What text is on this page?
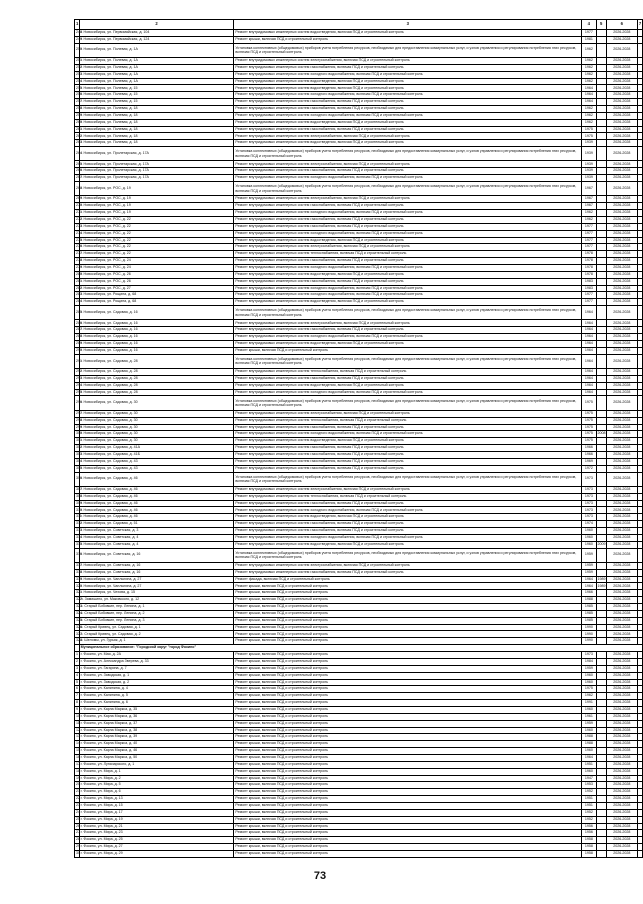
1	2	3	4	5	6	7
248	г. Новосибирск, ул. Первомайская, д. 104	Ремонт внутридомовых инженерных систем водоотведения, включая ПСД и строительный контроль	1977		2026-2028	
249	г. Новосибирск, ул. Первомайская, д. 124	Ремонт крыши, включая ПСД и строительный контроль	1981		2026-2028	
250	г. Новосибирск, ул. Полевая, д. 1А	Установка коллективных (общедомовых) приборов учета потребления ресурсов, необходимых для предоставления коммунальных услуг, и узлов управления и регулирования потребления этих ресурсов, включая ПСД и строительный контроль	1962		2026-2028	
251	г. Новосибирск, ул. Полевая, д. 1А	Ремонт внутридомовых инженерных систем электроснабжения, включая ПСД и строительный контроль	1962		2026-2028	
252	г. Новосибирск, ул. Полевая, д. 1А	Ремонт внутридомовых инженерных систем газоснабжения, включая ПСД и строительный контроль	1962		2026-2028	
253	г. Новосибирск, ул. Полевая, д. 1А	Ремонт внутридомовых инженерных систем холодного водоснабжения, включая ПСД и строительный контроль	1962		2026-2028	
254	г. Новосибирск, ул. Полевая, д. 1А	Ремонт внутридомовых инженерных систем водоотведения, включая ПСД и строительный контроль	1962		2026-2028	
255	г. Новосибирск, ул. Полевая, д. 15	Ремонт внутридомовых инженерных систем водоотведения, включая ПСД и строительный контроль	1964		2026-2028	
256	г. Новосибирск, ул. Полевая, д. 15	Ремонт внутридомовых инженерных систем холодного водоснабжения, включая ПСД и строительный контроль	1964		2026-2028	
257	г. Новосибирск, ул. Полевая, д. 15	Ремонт внутридомовых инженерных систем газоснабжения, включая ПСД и строительный контроль	1964		2026-2028	
258	г. Новосибирск, ул. Полевая, д. 18	Ремонт внутридомовых инженерных систем газоснабжения, включая ПСД и строительный контроль	1962		2026-2028	
259	г. Новосибирск, ул. Полевая, д. 18	Ремонт внутридомовых инженерных систем холодного водоснабжения, включая ПСД и строительный контроль	1962		2026-2028	
260	г. Новосибирск, ул. Полевая, д. 18	Ремонт внутридомовых инженерных систем водоотведения, включая ПСД и строительный контроль	1962		2026-2028	
261	г. Новосибирск, ул. Полевая, д. 18	Ремонт внутридомовых инженерных систем газоснабжения, включая ПСД и строительный контроль	1975		2026-2028	
262	г. Новосибирск, ул. Полевая, д. 18	Ремонт внутридомовых инженерных систем электроснабжения, включая ПСД и строительный контроль	1975		2026-2028	
263	г. Новосибирск, ул. Полевая, д. 18	Ремонт внутридомовых инженерных систем водоотведения, включая ПСД и строительный контроль	1939		2026-2028	
264	г. Новосибирск, ул. Пролетарская, д. 17А	Установка коллективных (общедомовых) приборов учета потребления ресурсов, необходимых для предоставления коммунальных услуг, и узлов управления и регулирования потребления этих ресурсов, включая ПСД и строительный контроль	1939		2026-2028	
265	г. Новосибирск, ул. Пролетарская, д. 17А	Ремонт внутридомовых инженерных систем электроснабжения, включая ПСД и строительный контроль	1939		2026-2028	
266	г. Новосибирск, ул. Пролетарская, д. 17А	Ремонт внутридомовых инженерных систем газоснабжения, включая ПСД и строительный контроль	1939		2026-2028	
267	г. Новосибирск, ул. Пролетарская, д. 17А	Ремонт внутридомовых инженерных систем холодного водоснабжения, включая ПСД и строительный контроль	1939		2026-2028	
268	г. Новосибирск, ул. РОС, д. 19	Установка коллективных (общедомовых) приборов учета потребления ресурсов, необходимых для предоставления коммунальных услуг, и узлов управления и регулирования потребления этих ресурсов, включая ПСД и строительный контроль	1967		2026-2028	
269	г. Новосибирск, ул. РОС, д. 19	Ремонт внутридомовых инженерных систем электроснабжения, включая ПСД и строительный контроль	1967		2026-2028	
270	г. Новосибирск, ул. РОС, д. 19	Ремонт внутридомовых инженерных систем газоснабжения, включая ПСД и строительный контроль	1967		2026-2028	
271	г. Новосибирск, ул. РОС, д. 19	Ремонт внутридомовых инженерных систем холодного водоснабжения, включая ПСД и строительный контроль	1962		2026-2028	
272	г. Новосибирск, ул. РОС, д. 22	Ремонт внутридомовых инженерных систем газоснабжения, включая ПСД и строительный контроль	1962		2026-2028	
273	г. Новосибирск, ул. РОС, д. 22	Ремонт внутридомовых инженерных систем газоснабжения, включая ПСД и строительный контроль	1977		2026-2028	
274	г. Новосибирск, ул. РОС, д. 22	Ремонт внутридомовых инженерных систем холодного водоснабжения, включая ПСД и строительный контроль	1977		2026-2028	
275	г. Новосибирск, ул. РОС, д. 22	Ремонт внутридомовых инженерных систем водоотведения, включая ПСД и строительный контроль	1977		2026-2028	
276	г. Новосибирск, ул. РОС, д. 22	Ремонт внутридомовых инженерных систем электроснабжения, включая ПСД и строительный контроль	1977		2026-2028	
277	г. Новосибирск, ул. РОС, д. 22	Ремонт внутридомовых инженерных систем теплоснабжения, включая ПСД и строительный контроль	1978		2026-2028	
278	г. Новосибирск, ул. РОС, д. 24	Ремонт внутридомовых инженерных систем газоснабжения, включая ПСД и строительный контроль	1978		2026-2028	
279	г. Новосибирск, ул. РОС, д. 24	Ремонт внутридомовых инженерных систем холодного водоснабжения, включая ПСД и строительный контроль	1978		2026-2028	
280	г. Новосибирск, ул. РОС, д. 26	Ремонт внутридомовых инженерных систем водоотведения, включая ПСД и строительный контроль	1978		2026-2028	
281	г. Новосибирск, ул. РОС, д. 26	Ремонт внутридомовых инженерных систем газоснабжения, включая ПСД и строительный контроль	1983		2026-2028	
282	г. Новосибирск, ул. РОС, д. 27	Ремонт внутридомовых инженерных систем холодного водоснабжения, включая ПСД и строительный контроль	1983		2026-2028	
283	г. Новосибирск, ул. Рощина, д. 68	Ремонт внутридомовых инженерных систем холодного водоснабжения, включая ПСД и строительный контроль	1977		2026-2028	
284	г. Новосибирск, ул. Рощина, д. 68	Ремонт внутридомовых инженерных систем водоотведения, включая ПСД и строительный контроль	1977		2026-2028	
285	г. Новосибирск, ул. Садовая, д. 16	Установка коллективных (общедомовых) приборов учета потребления ресурсов, необходимых для предоставления коммунальных услуг, и узлов управления и регулирования потребления этих ресурсов, включая ПСД и строительный контроль	1964		2026-2028	
286	г. Новосибирск, ул. Садовая, д. 16	Ремонт внутридомовых инженерных систем электроснабжения, включая ПСД и строительный контроль	1964		2026-2028	
287	г. Новосибирск, ул. Садовая, д. 16	Ремонт внутридомовых инженерных систем газоснабжения, включая ПСД и строительный контроль	1964		2026-2028	
288	г. Новосибирск, ул. Садовая, д. 16	Ремонт внутридомовых инженерных систем холодного водоснабжения, включая ПСД и строительный контроль	1964		2026-2028	
289	г. Новосибирск, ул. Садовая, д. 16	Ремонт внутридомовых инженерных систем водоотведения, включая ПСД и строительный контроль	1964		2026-2028	
290	г. Новосибирск, ул. Садовая, д. 16	Ремонт крыши, включая ПСД и строительный контроль	1964		2026-2028	
291	г. Новосибирск, ул. Садовая, д. 28	Установка коллективных (общедомовых) приборов учета потребления ресурсов, необходимых для предоставления коммунальных услуг, и узлов управления и регулирования потребления этих ресурсов, включая ПСД и строительный контроль	1964		2026-2028	
292	г. Новосибирск, ул. Садовая, д. 28	Ремонт внутридомовых инженерных систем теплоснабжения, включая ПСД и строительный контроль	1964		2026-2028	
293	г. Новосибирск, ул. Садовая, д. 28	Ремонт внутридомовых инженерных систем газоснабжения, включая ПСД и строительный контроль	1964		2026-2028	
294	г. Новосибирск, ул. Садовая, д. 28	Ремонт внутридомовых инженерных систем водоотведения, включая ПСД и строительный контроль	1964		2026-2028	
295	г. Новосибирск, ул. Садовая, д. 28	Ремонт внутридомовых инженерных систем холодного водоснабжения, включая ПСД и строительный контроль	1964		2026-2028	
296	г. Новосибирск, ул. Садовая, д. 30	Установка коллективных (общедомовых) приборов учета потребления ресурсов, необходимых для предоставления коммунальных услуг, и узлов управления и регулирования потребления этих ресурсов, включая ПСД и строительный контроль	1975		2026-2028	
297	г. Новосибирск, ул. Садовая, д. 30	Ремонт внутридомовых инженерных систем электроснабжения, включая ПСД и строительный контроль	1975		2026-2028	
298	г. Новосибирск, ул. Садовая, д. 30	Ремонт внутридомовых инженерных систем теплоснабжения, включая ПСД и строительный контроль	1975		2026-2028	
299	г. Новосибирск, ул. Садовая, д. 30	Ремонт внутридомовых инженерных систем газоснабжения, включая ПСД и строительный контроль	1975		2026-2028	
300	г. Новосибирск, ул. Садовая, д. 30	Ремонт внутридомовых инженерных систем холодного водоснабжения, включая ПСД и строительный контроль	1975	2008	2026-2028	
301	г. Новосибирск, ул. Садовая, д. 30	Ремонт внутридомовых инженерных систем водоотведения, включая ПСД и строительный контроль	1975		2026-2028	
302	г. Новосибирск, ул. Садовая, д. 41А	Ремонт внутридомовых инженерных систем газоснабжения, включая ПСД и строительный контроль	1966		2026-2028	
303	г. Новосибирск, ул. Садовая, д. 41Б	Ремонт внутридомовых инженерных систем газоснабжения, включая ПСД и строительный контроль	1966		2026-2028	
304	г. Новосибирск, ул. Садовая, д. 43	Ремонт внутридомовых инженерных систем газоснабжения, включая ПСД и строительный контроль	1969		2026-2028	
305	г. Новосибирск, ул. Садовая, д. 43	Ремонт внутридомовых инженерных систем газоснабжения, включая ПСД и строительный контроль	1972		2026-2028	
306	г. Новосибирск, ул. Садовая, д. 46	Установка коллективных (общедомовых) приборов учета потребления ресурсов, необходимых для предоставления коммунальных услуг, и узлов управления и регулирования потребления этих ресурсов, включая ПСД и строительный контроль	1973		2026-2028	
307	г. Новосибирск, ул. Садовая, д. 46	Ремонт внутридомовых инженерных систем электроснабжения, включая ПСД и строительный контроль	1973		2026-2028	
308	г. Новосибирск, ул. Садовая, д. 46	Ремонт внутридомовых инженерных систем теплоснабжения, включая ПСД и строительный контроль	1973		2026-2028	
309	г. Новосибирск, ул. Садовая, д. 46	Ремонт внутридомовых инженерных систем газоснабжения, включая ПСД и строительный контроль	1973		2026-2028	
310	г. Новосибирск, ул. Садовая, д. 46	Ремонт внутридомовых инженерных систем холодного водоснабжения, включая ПСД и строительный контроль	1973		2026-2028	
311	г. Новосибирск, ул. Садовая, д. 46	Ремонт внутридомовых инженерных систем водоотведения, включая ПСД и строительный контроль	1973		2026-2028	
312	г. Новосибирск, ул. Садовая, д. 51	Ремонт внутридомовых инженерных систем газоснабжения, включая ПСД и строительный контроль	1974		2026-2028	
313	г. Новосибирск, ул. Советская, д. 3	Ремонт внутридомовых инженерных систем газоснабжения, включая ПСД и строительный контроль	1960		2026-2028	
314	г. Новосибирск, ул. Советская, д. 4	Ремонт внутридомовых инженерных систем холодного водоснабжения, включая ПСД и строительный контроль	1960		2026-2028	
315	г. Новосибирск, ул. Советская, д. 4	Ремонт внутридомовых инженерных систем водоотведения, включая ПСД и строительный контроль	1960	2009	2026-2028	
316	г. Новосибирск, ул. Советская, д. 16	Установка коллективных (общедомовых) приборов учета потребления ресурсов, необходимых для предоставления коммунальных услуг, и узлов управления и регулирования потребления этих ресурсов, включая ПСД и строительный контроль	1959		2026-2028	
317	г. Новосибирск, ул. Советская, д. 16	Ремонт внутридомовых инженерных систем электроснабжения, включая ПСД и строительный контроль	1959		2026-2028	
318	г. Новосибирск, ул. Советская, д. 16	Ремонт внутридомовых инженерных систем газоснабжения, включая ПСД и строительный контроль	1959		2026-2028	
319	г. Новосибирск, ул. Чаплыгина, д. 27	Ремонт фасада, включая ПСД и строительный контроль	1964	1989	2026-2028	
320	г. Новосибирск, ул. Чаплыгина, д. 27	Ремонт крыши, включая ПСД и строительный контроль	1964	1989	2026-2028	
321	г. Новосибирск, ул. Чехова, д. 15	Ремонт крыши, включая ПСД и строительный контроль	1966		2026-2028	
322	п. Замишино, ул. Маковского, д. 12	Ремонт крыши, включая ПСД и строительный контроль	1988		2026-2028	
323	с. Старый Бобовкин, пер. Ленина, д. 1	Ремонт крыши, включая ПСД и строительный контроль	1985		2026-2028	
324	с. Старый Бобовкин, пер. Ленина, д. 2	Ремонт крыши, включая ПСД и строительный контроль	1985		2026-2028	
325	с. Старый Бобовкин, пер. Ленина, д. 3	Ремонт крыши, включая ПСД и строительный контроль	1985		2026-2028	
326	с. Старый Кривец, ул. Садовая, д. 1	Ремонт крыши, включая ПСД и строительный контроль	1990		2026-2028	
327	с. Старый Кривец, ул. Садовая, д. 2	Ремонт крыши, включая ПСД и строительный контроль	1990		2026-2028	
328	с. Шеломы, ул. Гурьяк, д. 1	Ремонт крыши, включая ПСД и строительный контроль	1990		2026-2028	
	Муниципальное образование: "Городской округ "город Фокино"					
1	г. Фокино, ул. Мая, д. 2А	Ремонт крыши, включая ПСД и строительный контроль	1973		2026-2028	
2	г. Фокино, ул. Александра Зверева, д. 33	Ремонт крыши, включая ПСД и строительный контроль	1984		2026-2028	
3	г. Фокино, ул. Гагарина, д. 7	Ремонт крыши, включая ПСД и строительный контроль	1959		2026-2028	
4	г. Фокино, ул. Заводская, д. 1	Ремонт крыши, включая ПСД и строительный контроль	1960		2026-2028	
5	г. Фокино, ул. Заводская, д. 2	Ремонт крыши, включая ПСД и строительный контроль	1960		2026-2028	
6	г. Фокино, ул. Калинина, д. 4	Ремонт крыши, включая ПСД и строительный контроль	1975		2026-2028	
7	г. Фокино, ул. Калинина, д. 5	Ремонт крыши, включая ПСД и строительный контроль	1962		2026-2028	
8	г. Фокино, ул. Калинина, д. 6	Ремонт крыши, включая ПСД и строительный контроль	1991		2026-2028	
9	г. Фокино, ул. Карла Маркса, д. 35	Ремонт крыши, включая ПСД и строительный контроль	1960		2026-2028	
10	г. Фокино, ул. Карла Маркса, д. 36	Ремонт крыши, включая ПСД и строительный контроль	1961		2026-2028	
11	г. Фокино, ул. Карла Маркса, д. 37	Ремонт крыши, включая ПСД и строительный контроль	1959		2026-2028	
12	г. Фокино, ул. Карла Маркса, д. 38	Ремонт крыши, включая ПСД и строительный контроль	1960		2026-2028	
13	г. Фокино, ул. Карла Маркса, д. 39	Ремонт крыши, включая ПСД и строительный контроль	1988		2026-2028	
14	г. Фокино, ул. Карла Маркса, д. 40	Ремонт крыши, включая ПСД и строительный контроль	1988		2026-2028	
15	г. Фокино, ул. Карла Маркса, д. 46	Ремонт крыши, включая ПСД и строительный контроль	1960		2026-2028	
16	г. Фокино, ул. Карла Маркса, д. 50	Ремонт крыши, включая ПСД и строительный контроль	1964		2026-2028	
17	г. Фокино, ул. Луначарского, д. 1	Ремонт крыши, включая ПСД и строительный контроль	1951		2026-2028	
18	г. Фокино, ул. Мира, д. 1	Ремонт крыши, включая ПСД и строительный контроль	1960		2026-2028	
19	г. Фокино, ул. Мира, д. 2	Ремонт крыши, включая ПСД и строительный контроль	1947		2026-2028	
20	г. Фокино, ул. Мира, д. 5	Ремонт крыши, включая ПСД и строительный контроль	1953		2026-2028	
21	г. Фокино, ул. Мира, д. 6	Ремонт крыши, включая ПСД и строительный контроль	1952		2026-2028	
22	г. Фокино, ул. Мира, д. 13	Ремонт крыши, включая ПСД и строительный контроль	1951		2026-2028	
23	г. Фокино, ул. Мира, д. 15	Ремонт крыши, включая ПСД и строительный контроль	1951		2026-2028	
24	г. Фокино, ул. Мира, д. 17	Ремонт крыши, включая ПСД и строительный контроль	1952		2026-2028	
25	г. Фокино, ул. Мира, д. 19	Ремонт крыши, включая ПСД и строительный контроль	1952		2026-2028	
26	г. Фокино, ул. Мира, д. 21	Ремонт крыши, включая ПСД и строительный контроль	1956		2026-2028	
27	г. Фокино, ул. Мира, д. 23	Ремонт крыши, включая ПСД и строительный контроль	1956		2026-2028	
28	г. Фокино, ул. Мира, д. 25	Ремонт крыши, включая ПСД и строительный контроль	1958		2026-2028	
29	г. Фокино, ул. Мира, д. 27	Ремонт крыши, включая ПСД и строительный контроль	1958		2026-2028	
30	г. Фокино, ул. Мира, д. 29	Ремонт крыши, включая ПСД и строительный контроль	1958		2026-2028	
73
